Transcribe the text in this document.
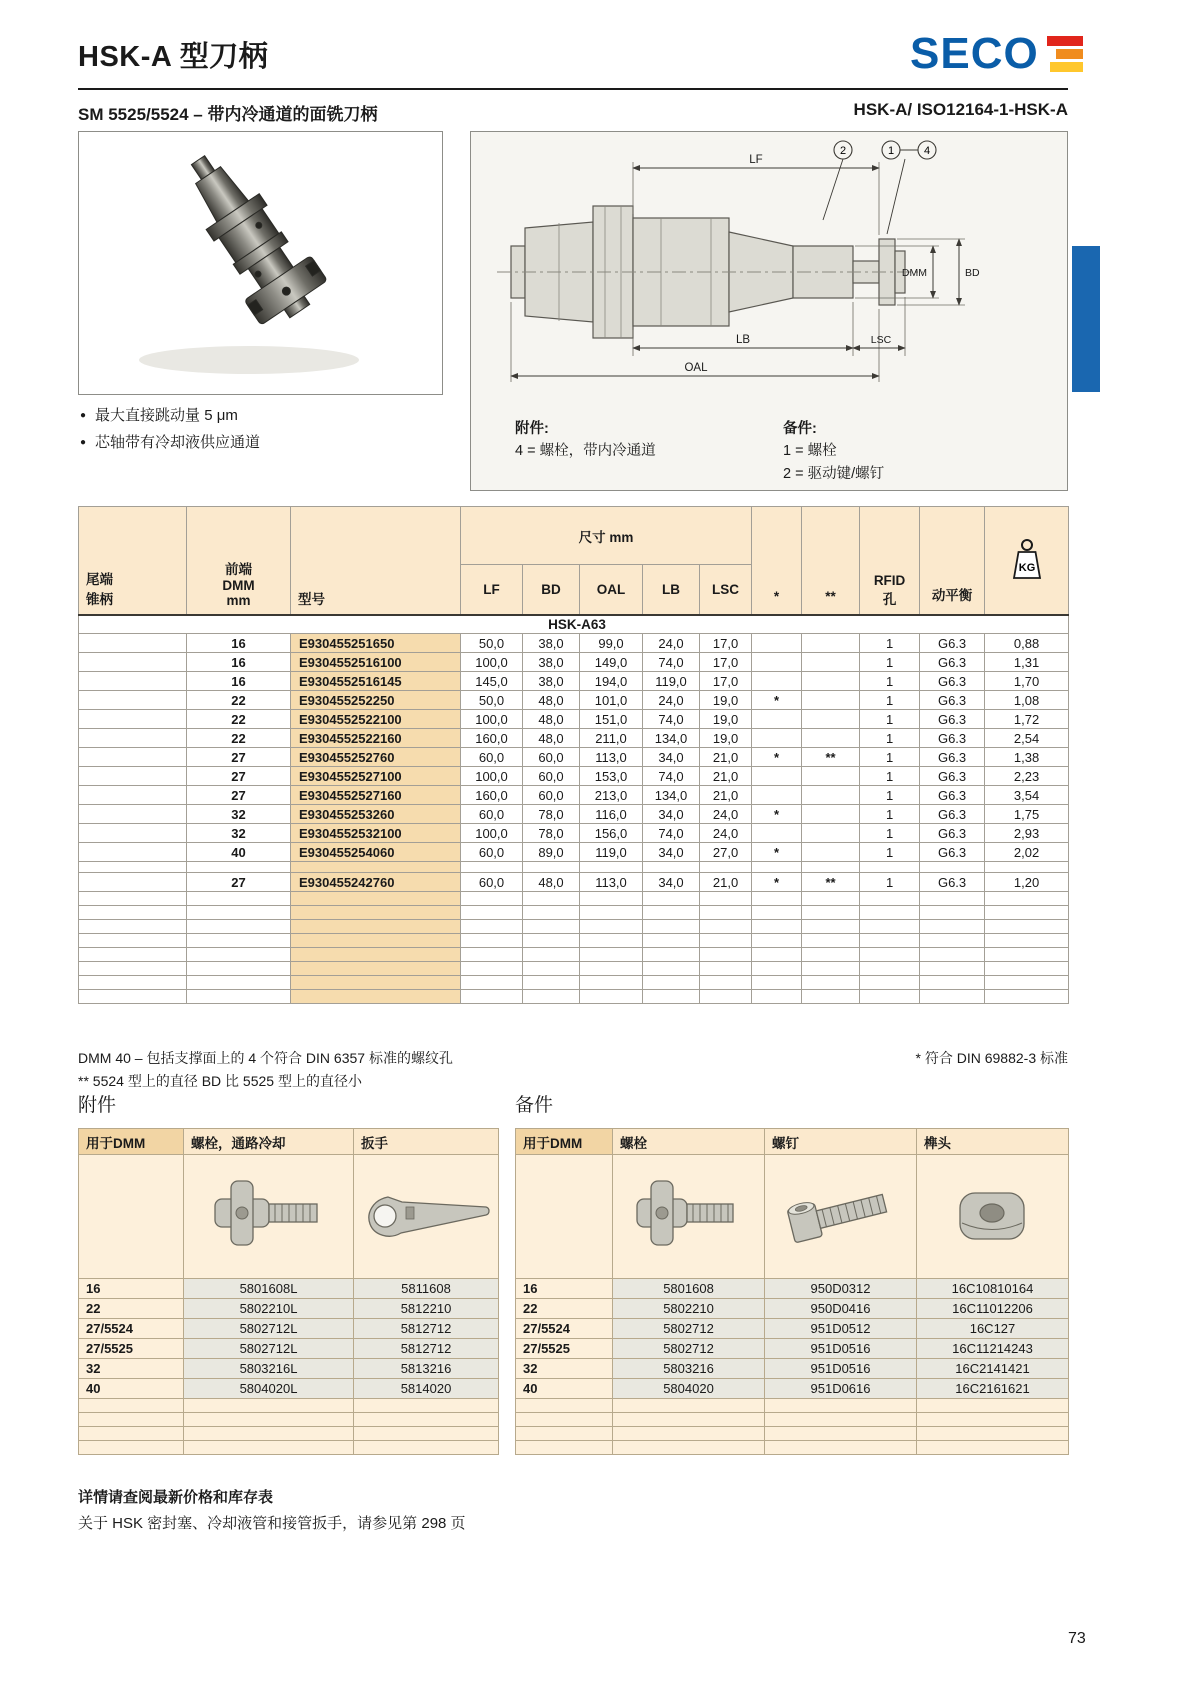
HSK-A 型刀柄	SECO
SM 5525/5524 – 带内冷通道的面铣刀柄	HSK-A/ ISO12164-1-HSK-A
● 最大直接跳动量 5 μm
● 芯轴带有冷却液供应通道
LF
LB	LSC
OAL
DMM	BD
2	1	4
附件:
4 = 螺栓，带内冷通道
备件:
1 = 螺栓
2 = 驱动键/螺钉
尾端
锥柄	前端
DMM
mm	型号	尺寸 mm					*	**	RFID
孔	动平衡	KG

			LF	BD	OAL	LB	LSC					
HSK-A63												
	16	E930455251650	50,0	38,0	99,0	24,0	17,0			1	G6.3	0,88
	16	E9304552516100	100,0	38,0	149,0	74,0	17,0			1	G6.3	1,31
	16	E9304552516145	145,0	38,0	194,0	119,0	17,0			1	G6.3	1,70
	22	E930455252250	50,0	48,0	101,0	24,0	19,0	*		1	G6.3	1,08
	22	E9304552522100	100,0	48,0	151,0	74,0	19,0			1	G6.3	1,72
	22	E9304552522160	160,0	48,0	211,0	134,0	19,0			1	G6.3	2,54
	27	E930455252760	60,0	60,0	113,0	34,0	21,0	*	**	1	G6.3	1,38
	27	E9304552527100	100,0	60,0	153,0	74,0	21,0			1	G6.3	2,23
	27	E9304552527160	160,0	60,0	213,0	134,0	21,0			1	G6.3	3,54
	32	E930455253260	60,0	78,0	116,0	34,0	24,0	*		1	G6.3	1,75
	32	E9304552532100	100,0	78,0	156,0	74,0	24,0			1	G6.3	2,93
	40	E930455254060	60,0	89,0	119,0	34,0	27,0	*		1	G6.3	2,02

	27	E930455242760	60,0	48,0	113,0	34,0	21,0	*	**	1	G6.3	1,20

DMM 40 – 包括支撑面上的 4 个符合 DIN 6357 标准的螺纹孔
** 5524 型上的直径 BD 比 5525 型上的直径小
* 符合 DIN 69882-3 标准
附件	备件
用于DMM	螺栓，通路冷却	扳手

16	5801608L	5811608
22	5802210L	5812210
27/5524	5802712L	5812712
27/5525	5802712L	5812712
32	5803216L	5813216
40	5804020L	5814020

用于DMM	螺栓	螺钉	榫头

16	5801608	950D0312	16C10810164
22	5802210	950D0416	16C11012206
27/5524	5802712	951D0512	16C127
27/5525	5802712	951D0516	16C11214243
32	5803216	951D0516	16C2141421
40	5804020	951D0616	16C2161621

详情请查阅最新价格和库存表
关于 HSK 密封塞、冷却液管和接管扳手，请参见第 298 页
73
